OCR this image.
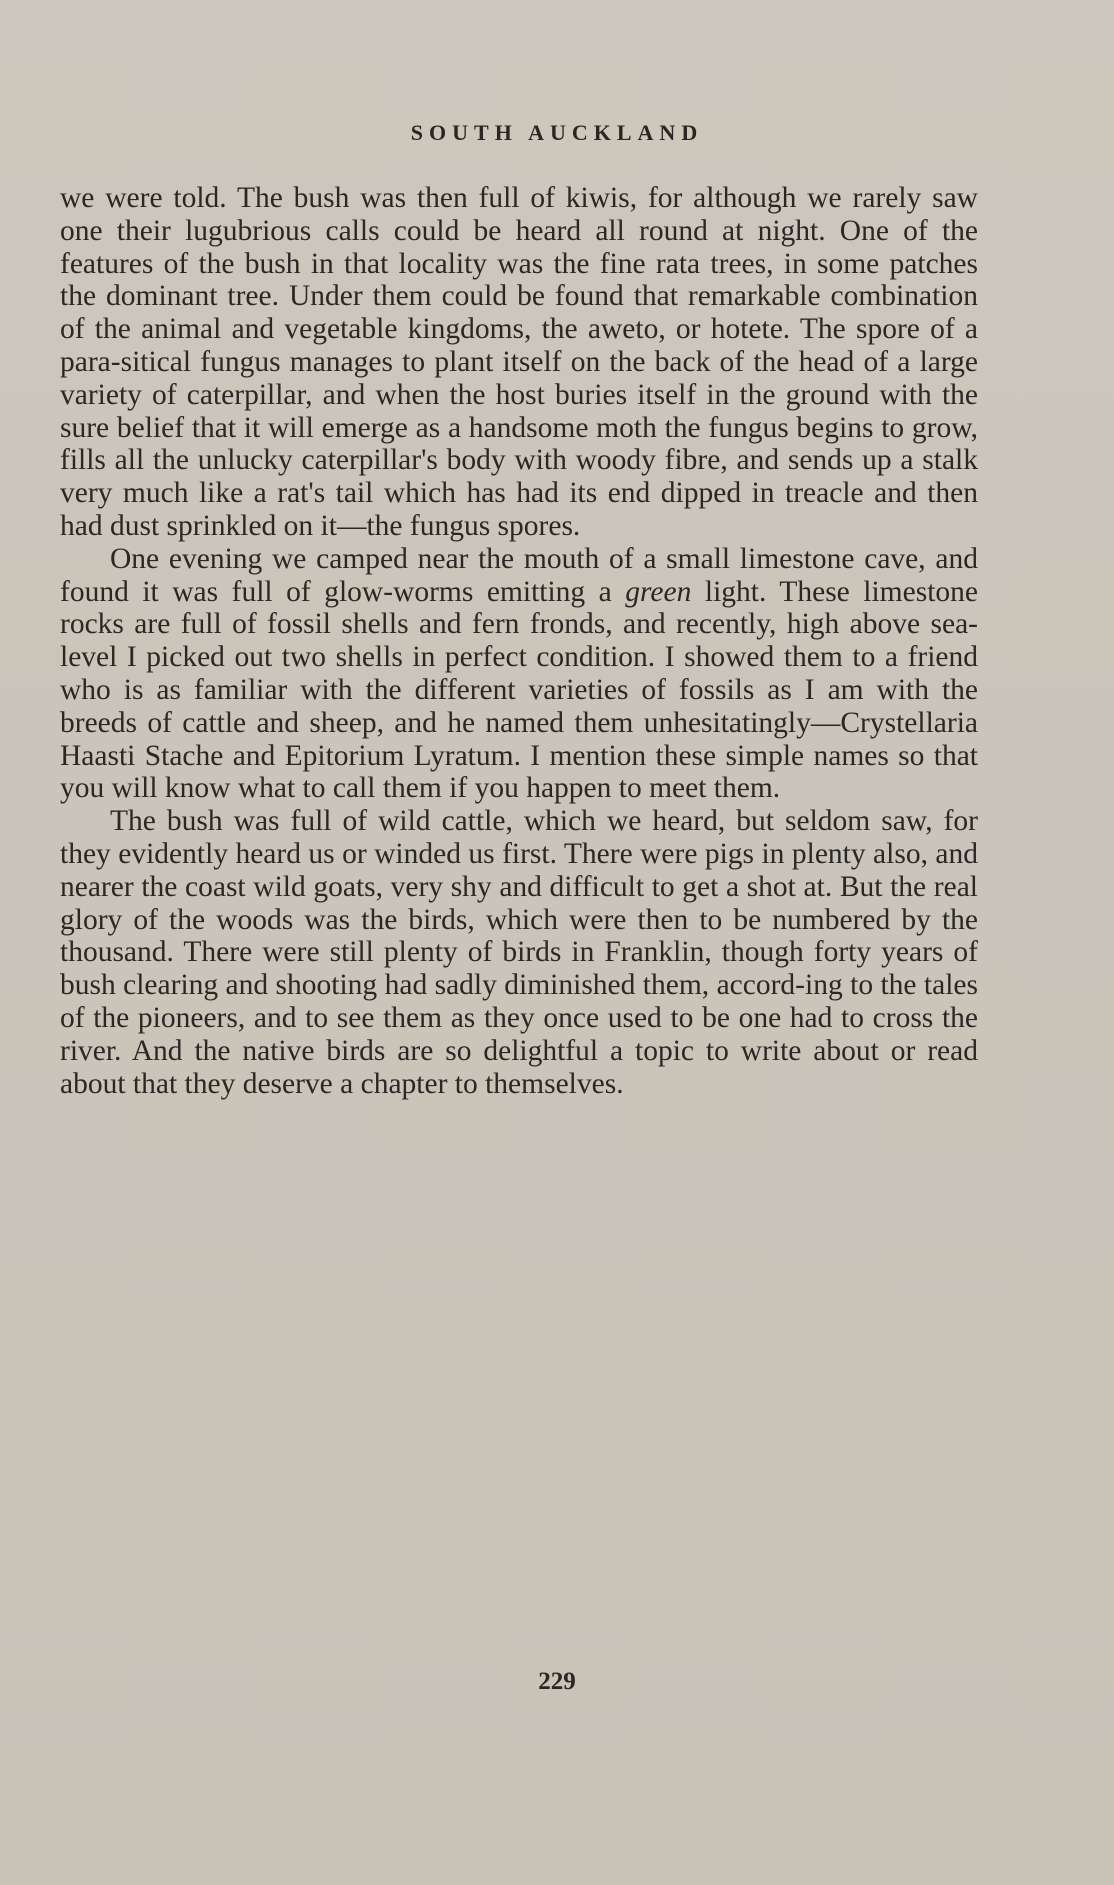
SOUTH AUCKLAND

we were told. The bush was then full of kiwis, for although we rarely saw one their lugubrious calls could be heard all round at night. One of the features of the bush in that locality was the fine rata trees, in some patches the dominant tree. Under them could be found that remarkable combination of the animal and vegetable kingdoms, the aweto, or hotete. The spore of a para-sitical fungus manages to plant itself on the back of the head of a large variety of caterpillar, and when the host buries itself in the ground with the sure belief that it will emerge as a handsome moth the fungus begins to grow, fills all the unlucky caterpillar's body with woody fibre, and sends up a stalk very much like a rat's tail which has had its end dipped in treacle and then had dust sprinkled on it—the fungus spores.

One evening we camped near the mouth of a small limestone cave, and found it was full of glow-worms emitting a green light. These limestone rocks are full of fossil shells and fern fronds, and recently, high above sea-level I picked out two shells in perfect condition. I showed them to a friend who is as familiar with the different varieties of fossils as I am with the breeds of cattle and sheep, and he named them unhesitatingly—Crystellaria Haasti Stache and Epitorium Lyratum. I mention these simple names so that you will know what to call them if you happen to meet them.

The bush was full of wild cattle, which we heard, but seldom saw, for they evidently heard us or winded us first. There were pigs in plenty also, and nearer the coast wild goats, very shy and difficult to get a shot at. But the real glory of the woods was the birds, which were then to be numbered by the thousand. There were still plenty of birds in Franklin, though forty years of bush clearing and shooting had sadly diminished them, accord-ing to the tales of the pioneers, and to see them as they once used to be one had to cross the river. And the native birds are so delightful a topic to write about or read about that they deserve a chapter to themselves.

229
